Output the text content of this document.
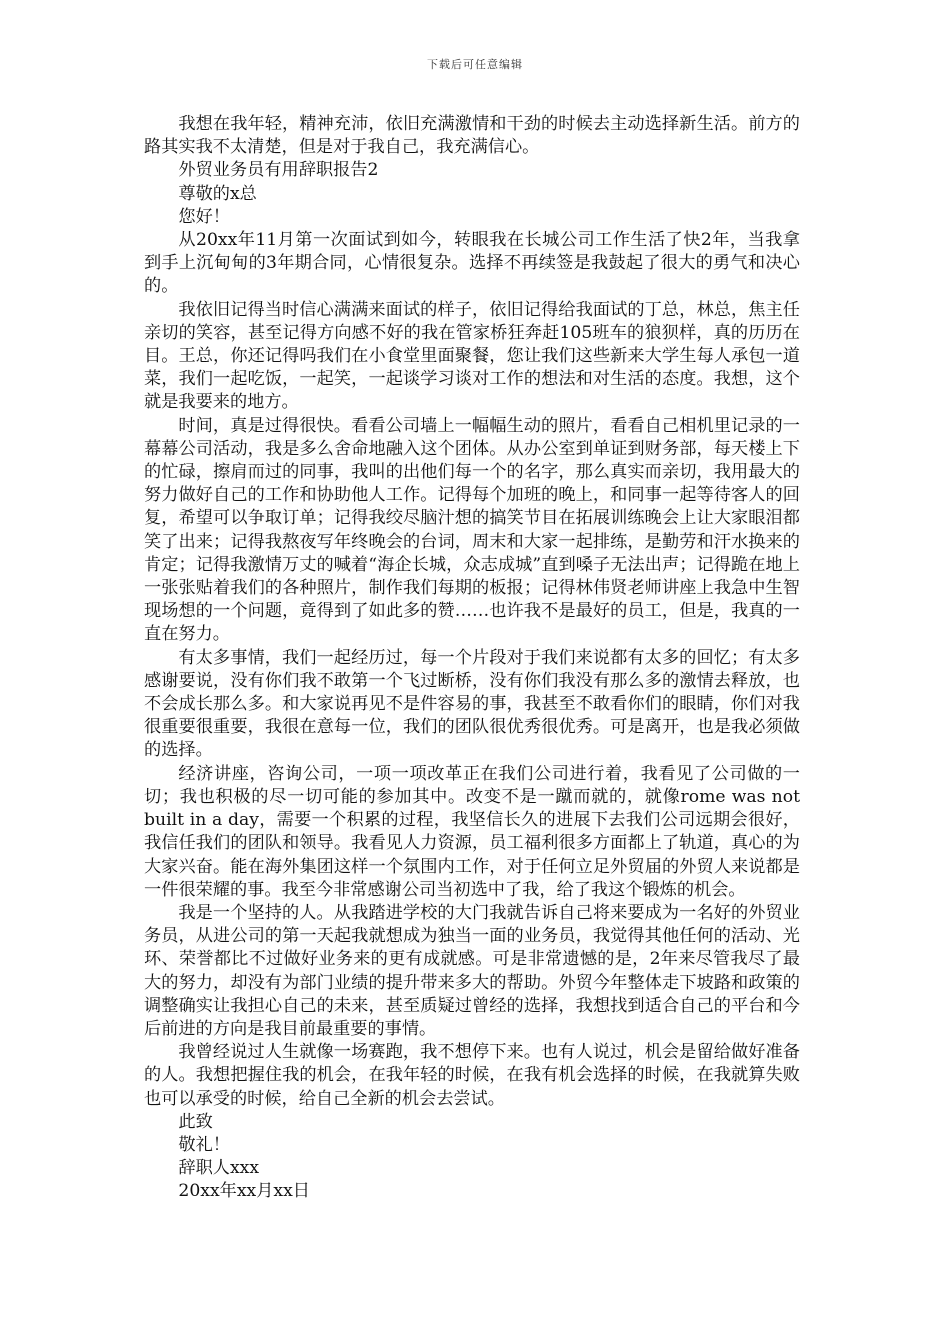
下载后可任意编辑

我想在我年轻，精神充沛，依旧充满激情和干劲的时候去主动选择新生活。前方的路其实我不太清楚，但是对于我自己，我充满信心。

外贸业务员有用辞职报告2

尊敬的x总

您好！

从20xx年11月第一次面试到如今，转眼我在长城公司工作生活了快2年，当我拿到手上沉甸甸的3年期合同，心情很复杂。选择不再续签是我鼓起了很大的勇气和决心的。

我依旧记得当时信心满满来面试的样子，依旧记得给我面试的丁总，林总，焦主任亲切的笑容，甚至记得方向感不好的我在管家桥狂奔赶105班车的狼狈样，真的历历在目。王总，你还记得吗我们在小食堂里面聚餐，您让我们这些新来大学生每人承包一道菜，我们一起吃饭，一起笑，一起谈学习谈对工作的想法和对生活的态度。我想，这个就是我要来的地方。

时间，真是过得很快。看看公司墙上一幅幅生动的照片，看看自己相机里记录的一幕幕公司活动，我是多么舍命地融入这个团体。从办公室到单证到财务部，每天楼上下的忙碌，擦肩而过的同事，我叫的出他们每一个的名字，那么真实而亲切，我用最大的努力做好自己的工作和协助他人工作。记得每个加班的晚上，和同事一起等待客人的回复，希望可以争取订单；记得我绞尽脑汁想的搞笑节目在拓展训练晚会上让大家眼泪都笑了出来；记得我熬夜写年终晚会的台词，周末和大家一起排练，是勤劳和汗水换来的肯定；记得我激情万丈的喊着“海企长城，众志成城”直到嗓子无法出声；记得跪在地上一张张贴着我们的各种照片，制作我们每期的板报；记得林伟贤老师讲座上我急中生智现场想的一个问题，竟得到了如此多的赞……也许我不是最好的员工，但是，我真的一直在努力。

有太多事情，我们一起经历过，每一个片段对于我们来说都有太多的回忆；有太多感谢要说，没有你们我不敢第一个飞过断桥，没有你们我没有那么多的激情去释放，也不会成长那么多。和大家说再见不是件容易的事，我甚至不敢看你们的眼睛，你们对我很重要很重要，我很在意每一位，我们的团队很优秀很优秀。可是离开，也是我必须做的选择。

经济讲座，咨询公司，一项一项改革正在我们公司进行着，我看见了公司做的一切；我也积极的尽一切可能的参加其中。改变不是一蹴而就的，就像rome was not built in a day，需要一个积累的过程，我坚信长久的进展下去我们公司远期会很好，我信任我们的团队和领导。我看见人力资源，员工福利很多方面都上了轨道，真心的为大家兴奋。能在海外集团这样一个氛围内工作，对于任何立足外贸届的外贸人来说都是一件很荣耀的事。我至今非常感谢公司当初选中了我，给了我这个锻炼的机会。

我是一个坚持的人。从我踏进学校的大门我就告诉自己将来要成为一名好的外贸业务员，从进公司的第一天起我就想成为独当一面的业务员，我觉得其他任何的活动、光环、荣誉都比不过做好业务来的更有成就感。可是非常遗憾的是，2年来尽管我尽了最大的努力，却没有为部门业绩的提升带来多大的帮助。外贸今年整体走下坡路和政策的调整确实让我担心自己的未来，甚至质疑过曾经的选择，我想找到适合自己的平台和今后前进的方向是我目前最重要的事情。

我曾经说过人生就像一场赛跑，我不想停下来。也有人说过，机会是留给做好准备的人。我想把握住我的机会，在我年轻的时候，在我有机会选择的时候，在我就算失败也可以承受的时候，给自己全新的机会去尝试。

此致

敬礼！

辞职人xxx

20xx年xx月xx日
